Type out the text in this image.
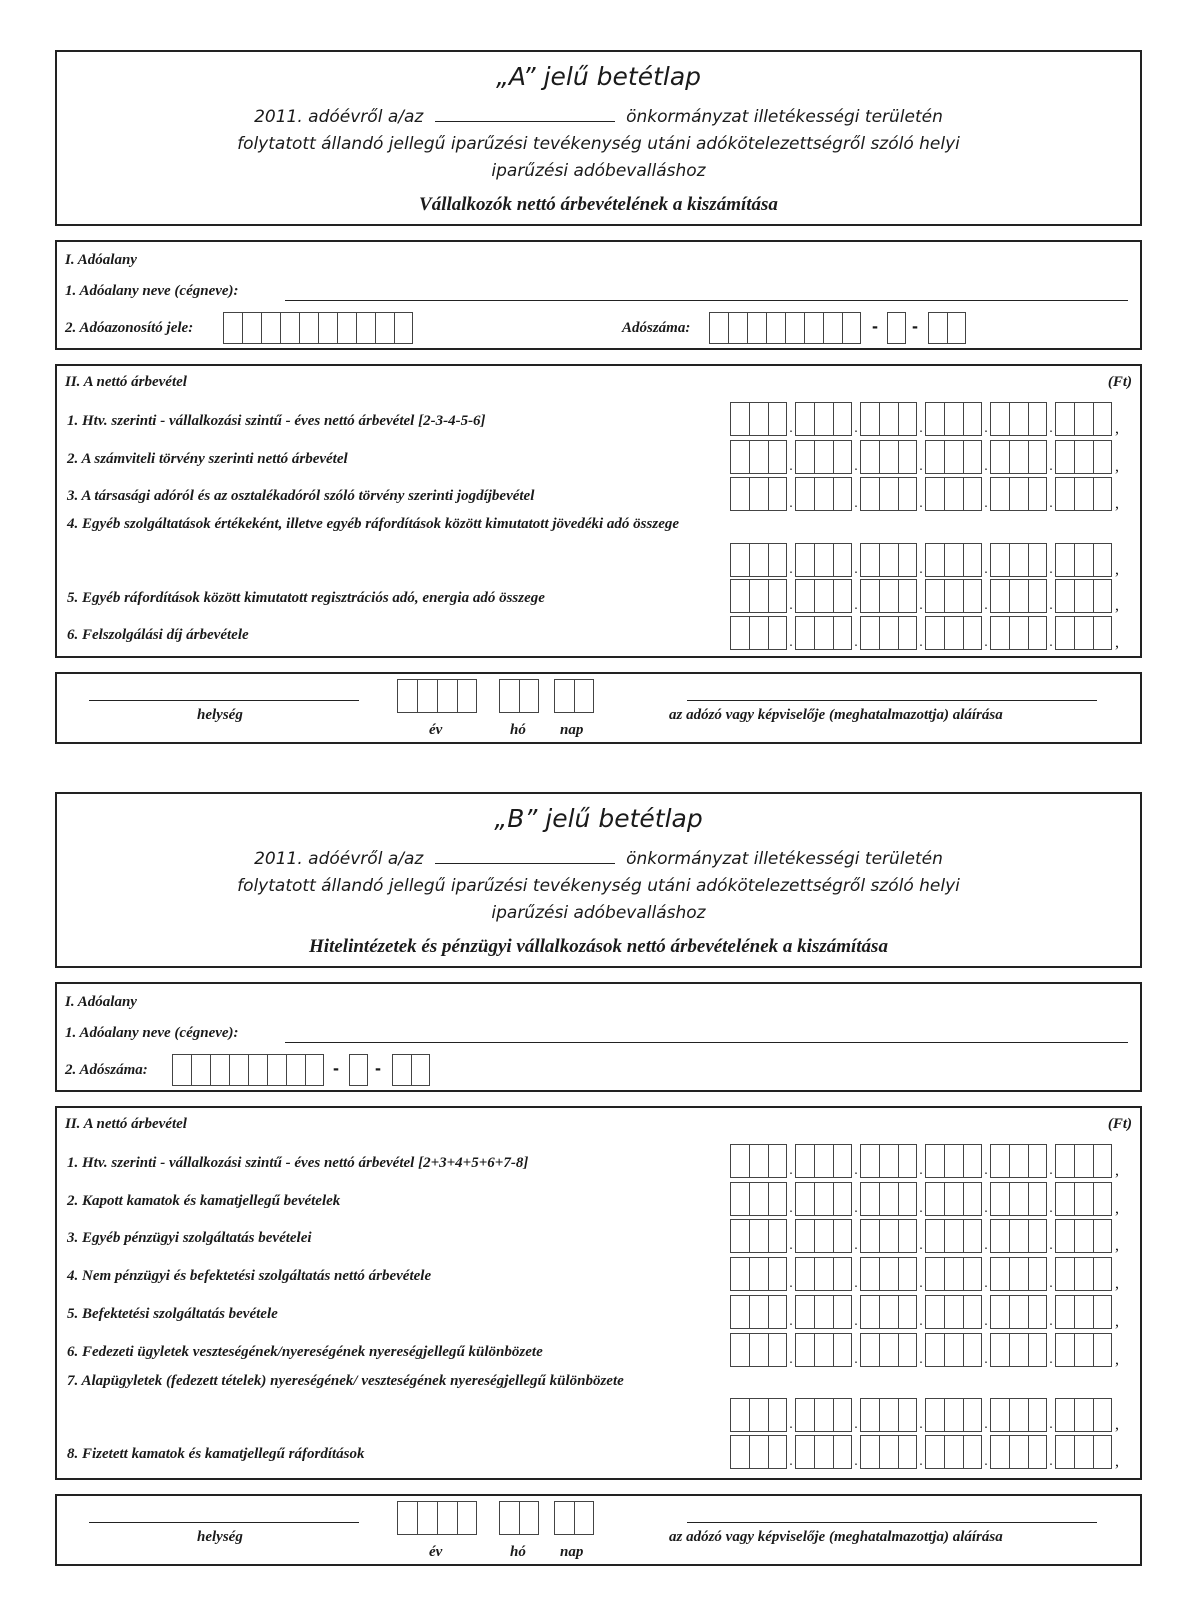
„A” jelű betétlap
2011. adóévről a/az	önkormányzat illetékességi területén
folytatott állandó jellegű iparűzési tevékenység utáni adókötelezettségről szóló helyi
iparűzési adóbevalláshoz
Vállalkozók nettó árbevételének a kiszámítása
I. Adóalany
1. Adóalany neve (cégneve):
2. Adóazonosító jele:	Adószáma:	- -
II. A nettó árbevétel	(Ft)
1. Htv. szerinti - vállalkozási szintű - éves nettó árbevétel [2-3-4-5-6]	.	.	.	.	.	,
2. A számviteli törvény szerinti nettó árbevétel	.	.	.	.	.	,
3. A társasági adóról és az osztalékadóról szóló törvény szerinti jogdíjbevétel	.	.	.	.	.	,
4. Egyéb szolgáltatások értékeként, illetve egyéb ráfordítások között kimutatott jövedéki adó összege
.	.	.	.	.	,
5. Egyéb ráfordítások között kimutatott regisztrációs adó, energia adó összege	.	.	.	.	.	,
6. Felszolgálási díj árbevétele	.	.	.	.	.	,
helység
év	hó nap
az adózó vagy képviselője (meghatalmazottja) aláírása
„B” jelű betétlap
2011. adóévről a/az	önkormányzat illetékességi területén
folytatott állandó jellegű iparűzési tevékenység utáni adókötelezettségről szóló helyi
iparűzési adóbevalláshoz
Hitelintézetek és pénzügyi vállalkozások nettó árbevételének a kiszámítása
I. Adóalany
1. Adóalany neve (cégneve):
2. Adószáma:	- -
II. A nettó árbevétel	(Ft)
1. Htv. szerinti - vállalkozási szintű - éves nettó árbevétel [2+3+4+5+6+7-8]	.	.	.	.	.	,
2. Kapott kamatok és kamatjellegű bevételek	.	.	.	.	.	,
3. Egyéb pénzügyi szolgáltatás bevételei	.	.	.	.	.	,
4. Nem pénzügyi és befektetési szolgáltatás nettó árbevétele	.	.	.	.	.	,
5. Befektetési szolgáltatás bevétele	.	.	.	.	.	,
6. Fedezeti ügyletek veszteségének/nyereségének nyereségjellegű különbözete	.	.	.	.	.	,
7. Alapügyletek (fedezett tételek) nyereségének/ veszteségének nyereségjellegű különbözete
.	.	.	.	.	,
8. Fizetett kamatok és kamatjellegű ráfordítások	.	.	.	.	.	,
helység
év	hó nap
az adózó vagy képviselője (meghatalmazottja) aláírása
